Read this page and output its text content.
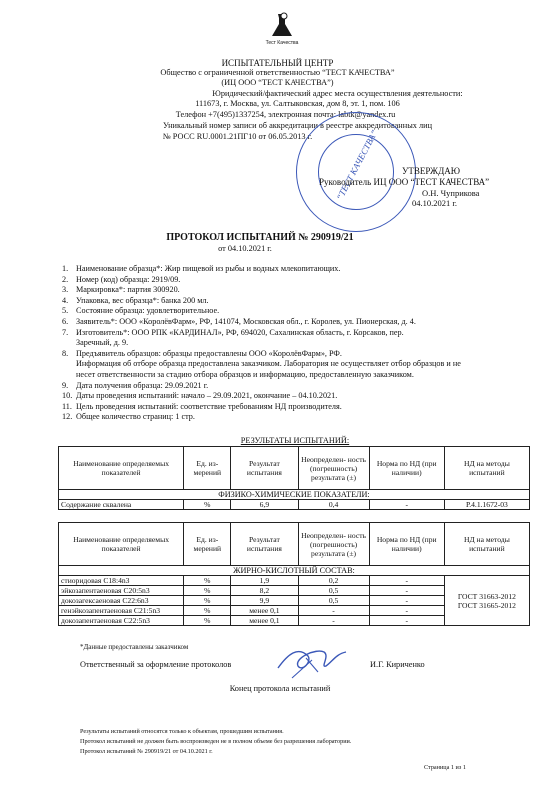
Тест Качества
ИСПЫТАТЕЛЬНЫЙ ЦЕНТР
Общество с ограниченной ответственностью “ТЕСТ КАЧЕСТВА”
(ИЦ ООО “ТЕСТ КАЧЕСТВА”)
Юридический/фактический адрес места осуществления деятельности:
111673, г. Москва, ул. Салтыковская, дом 8, эт. 1, пом. 106
Телефон +7(495)1337254, электронная почта: labtk@yandex.ru
Уникальный номер записи об аккредитации в реестре аккредитованных лиц
№ РОСС RU.0001.21ПГ10 от 06.05.2013 г.	“ТЕСТ КАЧЕСТВА” УТВЕРЖДАЮ
Руководитель ИЦ ООО “ТЕСТ КАЧЕСТВА”
О.Н. Чуприкова
04.10.2021 г.
ПРОТОКОЛ ИСПЫТАНИЙ № 290919/21
от 04.10.2021 г.
1. Наименование образца*: Жир пищевой из рыбы и водных млекопитающих.
2. Номер (код) образца: 2919/09.
3. Маркировка*: партия 300920.
4. Упаковка, вес образца*: банка 200 мл.
5. Состояние образца: удовлетворительное.
6. Заявитель*: ООО «КоролёвФарм», РФ, 141074, Московская обл., г. Королев, ул. Пионерская, д. 4.
7. Изготовитель*: ООО РПК «КАРДИНАЛ», РФ, 694020, Сахалинская область, г. Корсаков, пер.
Заречный, д. 9.
8. Предъявитель образцов: образцы предоставлены ООО «КоролёвФарм», РФ.
Информация об отборе образца предоставлена заказчиком. Лаборатория не осуществляет отбор образцов и не
несет ответственности за стадию отбора образцов и информацию, предоставленную заказчиком.
9. Дата получения образца: 29.09.2021 г.
10. Даты проведения испытаний: начало – 29.09.2021, окончание – 04.10.2021.
11. Цель проведения испытаний: соответствие требованиям НД производителя.
12. Общее количество страниц: 1 стр.
РЕЗУЛЬТАТЫ ИСПЫТАНИЙ:
Наименование определяемых показателей	Ед. из- мерений	Результат испытания	Неопределен- ность (погрешность) результата (±)	Норма по НД (при наличии)	НД на методы испытаний
ФИЗИКО-ХИМИЧЕСКИЕ ПОКАЗАТЕЛИ:					
Содержание сквалена	%	6,9	0,4	-	Р.4.1.1672-03
Наименование определяемых показателей	Ед. из- мерений	Результат испытания	Неопределен- ность (погрешность) результата (±)	Норма по НД (при наличии)	НД на методы испытаний
ЖИРНО-КИСЛОТНЫЙ СОСТАВ:					
стиоридовая С18:4n3	%	1,9	0,2	-	ГОСТ 31663-2012
ГОСТ 31665-2012

эйкозапентаеновая С20:5n3	%	8,2	0,5	-	
докозагексаеновая С22:6n3	%	9,9	0,5	-	
генэйкозапентаеновая С21:5n3	%	менее 0,1	-	-	
докозапентаеновая С22:5n3	%	менее 0,1	-	-	
*Данные предоставлены заказчиком
Ответственный за оформление протоколов	И.Г. Кириченко
Конец протокола испытаний
Результаты испытаний относятся только к объектам, прошедшим испытания.
Протокол испытаний не должен быть воспроизведен не в полном объеме без разрешения лаборатории.
Протокол испытаний № 290919/21 от 04.10.2021 г.
Страница 1 из 1
